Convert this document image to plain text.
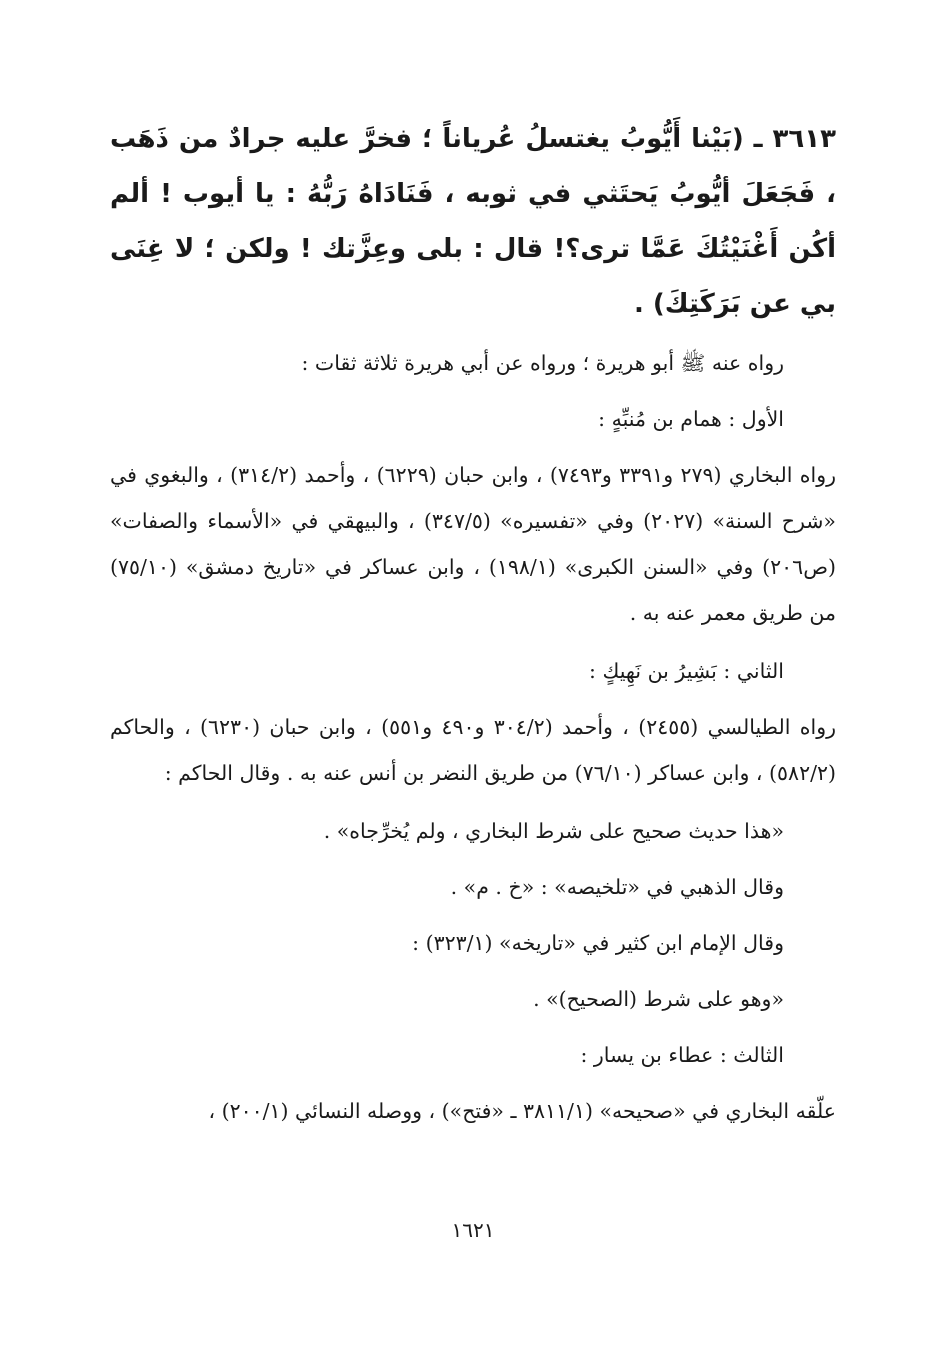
٣٦١٣ ـ (بَيْنا أَيُّوبُ يغتسلُ عُرياناً ؛ فخرَّ عليه جرادٌ من ذَهَب ، فَجَعَلَ أيُّوبُ يَحتَثي في ثوبه ، فَنَادَاهُ رَبُّهُ : يا أيوب ! ألم أكُن أَغْنَيْتُكَ عَمَّا ترى؟! قال : بلى وعِزَّتك ! ولكن ؛ لا غِنَى بي عن بَرَكَتِكَ) .

رواه عنه ﷺ أبو هريرة ؛ ورواه عن أبي هريرة ثلاثة ثقات :

الأول : همام بن مُنبِّهٍ :

رواه البخاري (٢٧٩ و٣٣٩١ و٧٤٩٣) ، وابن حبان (٦٢٢٩) ، وأحمد (٣١٤/٢) ، والبغوي في «شرح السنة» (٢٠٢٧) وفي «تفسيره» (٣٤٧/٥) ، والبيهقي في «الأسماء والصفات» (ص٢٠٦) وفي «السنن الكبرى» (١٩٨/١) ، وابن عساكر في «تاريخ دمشق» (٧٥/١٠) من طريق معمر عنه به .

الثاني : بَشِيرُ بن نَهِيكٍ :

رواه الطيالسي (٢٤٥٥) ، وأحمد (٣٠٤/٢ و٤٩٠ و٥٥١) ، وابن حبان (٦٢٣٠) ، والحاكم (٥٨٢/٢) ، وابن عساكر (٧٦/١٠) من طريق النضر بن أنس عنه به . وقال الحاكم :

«هذا حديث صحيح على شرط البخاري ، ولم يُخرِّجاه» .

وقال الذهبي في «تلخيصه» : «خ . م» .

وقال الإمام ابن كثير في «تاريخه» (٣٢٣/١) :

«وهو على شرط (الصحيح)» .

الثالث : عطاء بن يسار :

علّقه البخاري في «صحيحه» (٣٨١١/١ ـ «فتح») ، ووصله النسائي (٢٠٠/١) ،

١٦٢١
